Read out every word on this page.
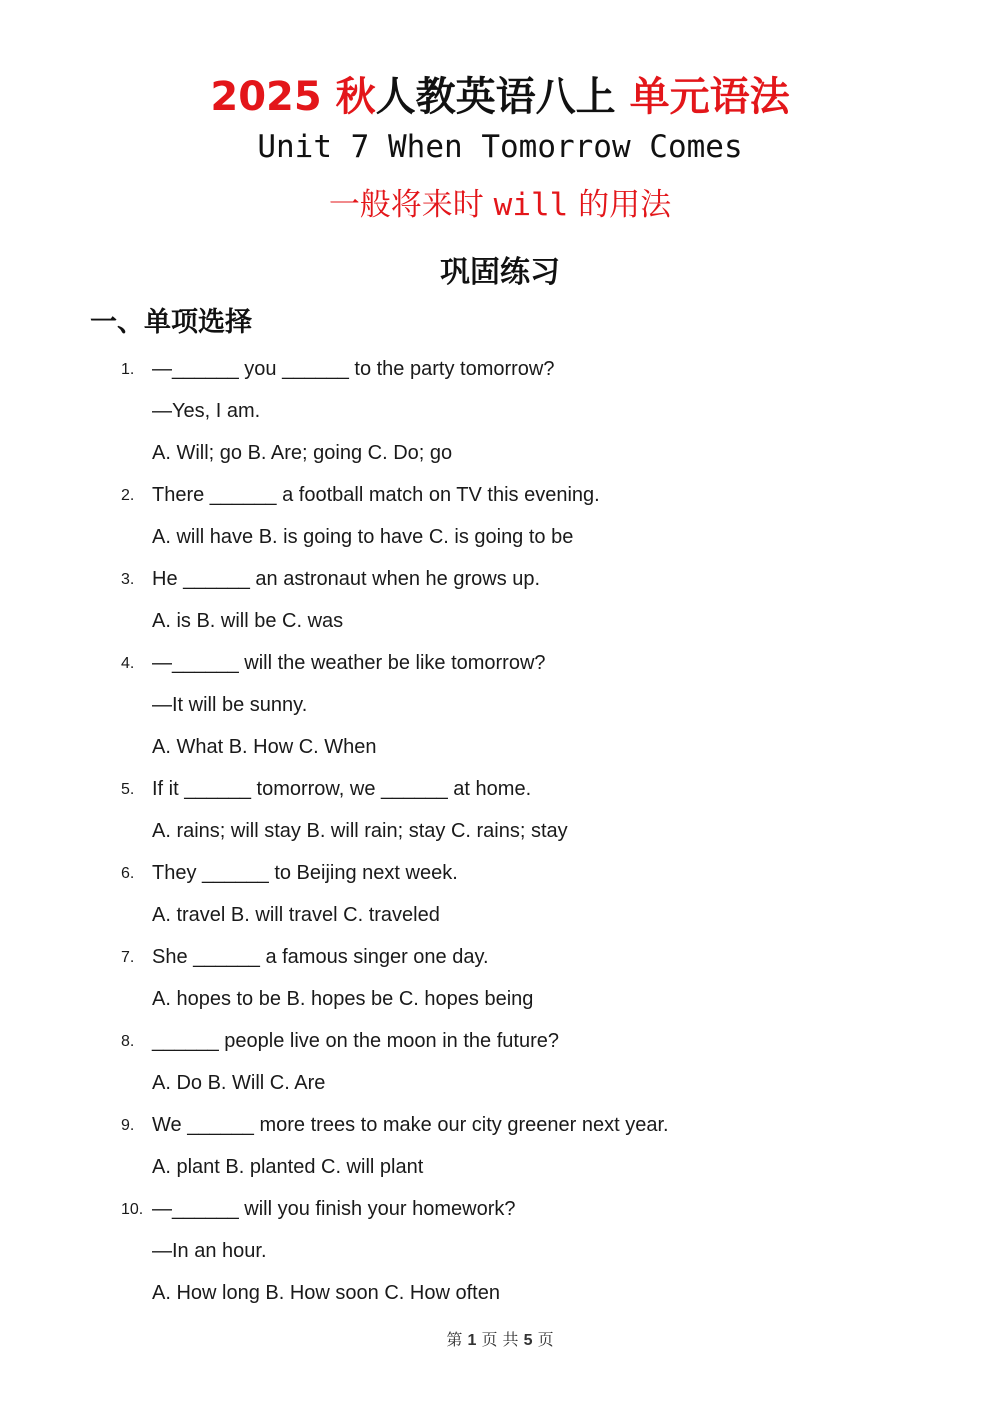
2025 秋人教英语八上 单元语法
Unit 7 When Tomorrow Comes
一般将来时 will 的用法
巩固练习
一、单项选择
1. —______ you ______ to the party tomorrow?
—Yes, I am.
A. Will; go B. Are; going C. Do; go
2. There ______ a football match on TV this evening.
A. will have B. is going to have C. is going to be
3. He ______ an astronaut when he grows up.
A. is B. will be C. was
4. —______ will the weather be like tomorrow?
—It will be sunny.
A. What B. How C. When
5. If it ______ tomorrow, we ______ at home.
A. rains; will stay B. will rain; stay C. rains; stay
6. They ______ to Beijing next week.
A. travel B. will travel C. traveled
7. She ______ a famous singer one day.
A. hopes to be B. hopes be C. hopes being
8. ______ people live on the moon in the future?
A. Do B. Will C. Are
9. We ______ more trees to make our city greener next year.
A. plant B. planted C. will plant
10. —______ will you finish your homework?
—In an hour.
A. How long B. How soon C. How often
第 1 页 共 5 页
